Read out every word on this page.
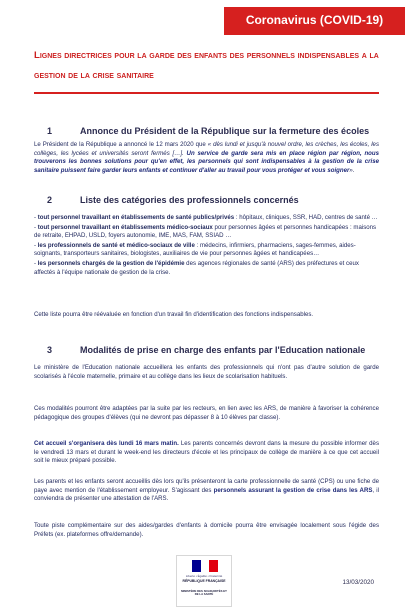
Coronavirus (COVID-19)
Lignes directrices pour la garde des enfants des personnels indispensables a la gestion de la crise sanitaire
1	Annonce du Président de la République sur la fermeture des écoles

Le Président de la République a annoncé le 12 mars 2020 que « dès lundi et jusqu'à nouvel ordre, les crèches, les écoles, les collèges, les lycées et universités seront fermés […]. Un service de garde sera mis en place région par région, nous trouverons les bonnes solutions pour qu'en effet, les personnels qui sont indispensables à la gestion de la crise sanitaire puissent faire garder leurs enfants et continuer d'aller au travail pour vous protéger et vous soigner».

2	Liste des catégories des professionnels concernés
- tout personnel travaillant en établissements de santé publics/privés : hôpitaux, cliniques, SSR, HAD, centres de santé …
- tout personnel travaillant en établissements médico-sociaux pour personnes âgées et personnes handicapées : maisons de retraite, EHPAD, USLD, foyers autonomie, IME, MAS, FAM, SSIAD …
- les professionnels de santé et médico-sociaux de ville : médecins, infirmiers, pharmaciens, sages-femmes, aides-soignants, transporteurs sanitaires, biologistes, auxiliaires de vie pour personnes âgées et handicapées…
- les personnels chargés de la gestion de l'épidémie des agences régionales de santé (ARS) des préfectures et ceux affectés à l'équipe nationale de gestion de la crise.

Cette liste pourra être réévaluée en fonction d'un travail fin d'identification des fonctions indispensables.

3	Modalités de prise en charge des enfants par l'Education nationale

Le ministère de l'Education nationale accueillera les enfants des professionnels qui n'ont pas d'autre solution de garde scolarisés à l'école maternelle, primaire et au collège dans les lieux de scolarisation habituels.

Ces modalités pourront être adaptées par la suite par les recteurs, en lien avec les ARS, de manière à favoriser la cohérence pédagogique des groupes d'élèves (qui ne devront pas dépasser 8 à 10 élèves par classe).

Cet accueil s'organisera dès lundi 16 mars matin. Les parents concernés devront dans la mesure du possible informer dès le vendredi 13 mars et durant le week-end les directeurs d'école et les principaux de collège de manière à ce que cet accueil soit le mieux préparé possible.

Les parents et les enfants seront accueillis dès lors qu'ils présenteront la carte professionnelle de santé (CPS) ou une fiche de paye avec mention de l'établissement employeur. S'agissant des personnels assurant la gestion de crise dans les ARS, il conviendra de présenter une attestation de l'ARS.

Toute piste complémentaire sur des aides/gardes d'enfants à domicile pourra être envisagée localement sous l'égide des Préfets (ex. plateformes offre/demande).

Liberté • Égalité • Fraternité
RÉPUBLIQUE FRANÇAISE
MINISTÈRE DES SOLIDARITÉS ET DE LA SANTÉ
13/03/2020
